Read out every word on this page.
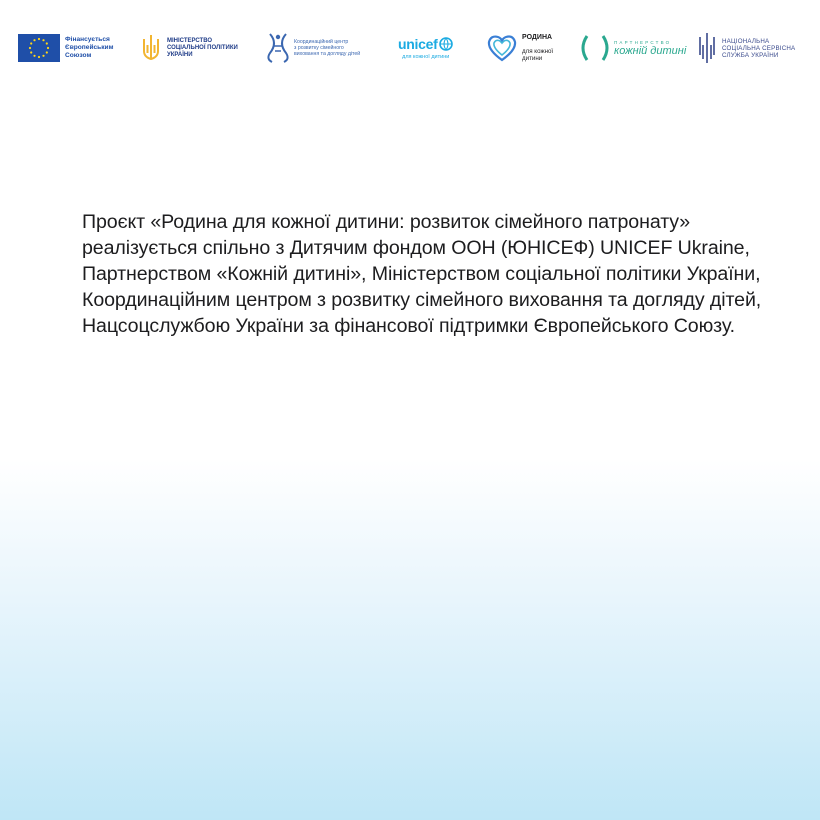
Фінансується
Європейським
Союзом
МІНІСТЕРСТВО
СОЦІАЛЬНОЇ ПОЛІТИКИ
УКРАЇНИ
Координаційний центр
з розвитку сімейного
виховання та догляду дітей
unicef
для кожної дитини

РОДИНА

для кожної
дитини

ПАРТНЕРСТВО
кожній дитині
НАЦІОНАЛЬНА
СОЦІАЛЬНА СЕРВІСНА
СЛУЖБА УКРАЇНИ

Проєкт «Родина для кожної дитини: розвиток сімейного патронату» реалізується спільно з Дитячим фондом ООН (ЮНІСЕФ) UNICEF Ukraine, Партнерством «Кожній дитині», Міністерством соціальної політики України, Координаційним центром з розвитку сімейного виховання та догляду дітей, Нацсоцслужбою України за фінансової підтримки Європейського Союзу.
